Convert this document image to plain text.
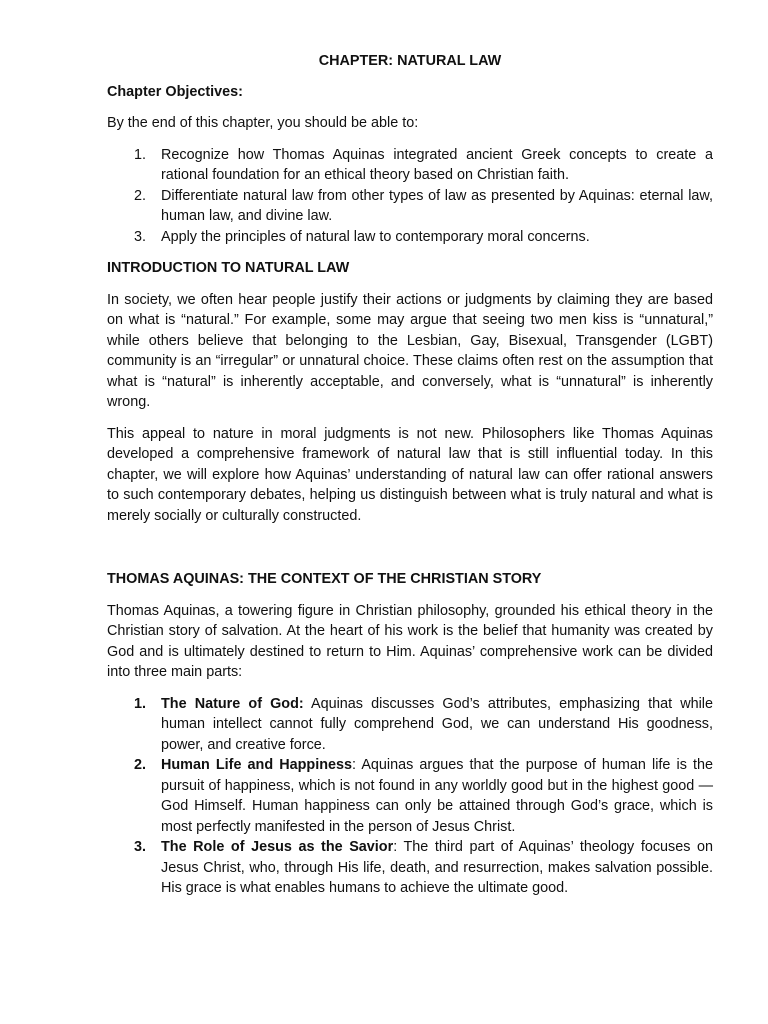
CHAPTER: NATURAL LAW
Chapter Objectives:
By the end of this chapter, you should be able to:
1. Recognize how Thomas Aquinas integrated ancient Greek concepts to create a rational foundation for an ethical theory based on Christian faith.
2. Differentiate natural law from other types of law as presented by Aquinas: eternal law, human law, and divine law.
3. Apply the principles of natural law to contemporary moral concerns.
INTRODUCTION TO NATURAL LAW
In society, we often hear people justify their actions or judgments by claiming they are based on what is “natural.” For example, some may argue that seeing two men kiss is “unnatural,” while others believe that belonging to the Lesbian, Gay, Bisexual, Transgender (LGBT) community is an “irregular” or unnatural choice. These claims often rest on the assumption that what is “natural” is inherently acceptable, and conversely, what is “unnatural” is inherently wrong.
This appeal to nature in moral judgments is not new. Philosophers like Thomas Aquinas developed a comprehensive framework of natural law that is still influential today. In this chapter, we will explore how Aquinas’ understanding of natural law can offer rational answers to such contemporary debates, helping us distinguish between what is truly natural and what is merely socially or culturally constructed.
THOMAS AQUINAS: THE CONTEXT OF THE CHRISTIAN STORY
Thomas Aquinas, a towering figure in Christian philosophy, grounded his ethical theory in the Christian story of salvation. At the heart of his work is the belief that humanity was created by God and is ultimately destined to return to Him. Aquinas’ comprehensive work can be divided into three main parts:
1. The Nature of God: Aquinas discusses God’s attributes, emphasizing that while human intellect cannot fully comprehend God, we can understand His goodness, power, and creative force.
2. Human Life and Happiness: Aquinas argues that the purpose of human life is the pursuit of happiness, which is not found in any worldly good but in the highest good — God Himself. Human happiness can only be attained through God’s grace, which is most perfectly manifested in the person of Jesus Christ.
3. The Role of Jesus as the Savior: The third part of Aquinas’ theology focuses on Jesus Christ, who, through His life, death, and resurrection, makes salvation possible. His grace is what enables humans to achieve the ultimate good.
